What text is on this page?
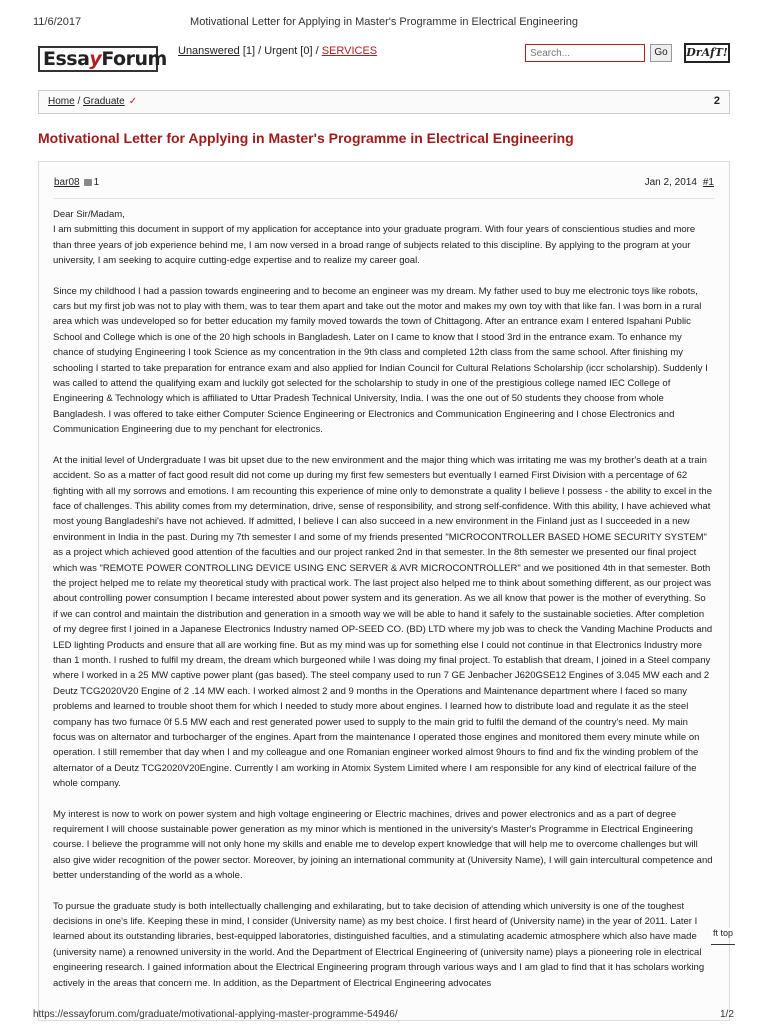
11/6/2017	Motivational Letter for Applying in Master's Programme in Electrical Engineering
EssayForum Unanswered [1] / Urgent [0] / SERVICES
Search...	Go	DrAfT!
Home / Graduate ✓	2
Motivational Letter for Applying in Master's Programme in Electrical Engineering
bar08 1	Jan 2, 2014 #1

Dear Sir/Madam,
I am submitting this document in support of my application for acceptance into your graduate program. With four years of conscientious studies and more than three years of job experience behind me, I am now versed in a broad range of subjects related to this discipline. By applying to the program at your university, I am seeking to acquire cutting-edge expertise and to realize my career goal.

Since my childhood I had a passion towards engineering and to become an engineer was my dream. My father used to buy me electronic toys like robots, cars but my first job was not to play with them, was to tear them apart and take out the motor and makes my own toy with that like fan. I was born in a rural area which was undeveloped so for better education my family moved towards the town of Chittagong. After an entrance exam I entered Ispahani Public School and College which is one of the 20 high schools in Bangladesh. Later on I came to know that I stood 3rd in the entrance exam. To enhance my chance of studying Engineering I took Science as my concentration in the 9th class and completed 12th class from the same school. After finishing my schooling I started to take preparation for entrance exam and also applied for Indian Council for Cultural Relations Scholarship (iccr scholarship). Suddenly I was called to attend the qualifying exam and luckily got selected for the scholarship to study in one of the prestigious college named IEC College of Engineering & Technology which is affiliated to Uttar Pradesh Technical University, India. I was the one out of 50 students they choose from whole Bangladesh. I was offered to take either Computer Science Engineering or Electronics and Communication Engineering and I chose Electronics and Communication Engineering due to my penchant for electronics.

At the initial level of Undergraduate I was bit upset due to the new environment and the major thing which was irritating me was my brother's death at a train accident. So as a matter of fact good result did not come up during my first few semesters but eventually I earned First Division with a percentage of 62 fighting with all my sorrows and emotions. I am recounting this experience of mine only to demonstrate a quality I believe I possess - the ability to excel in the face of challenges. This ability comes from my determination, drive, sense of responsibility, and strong self-confidence. With this ability, I have achieved what most young Bangladeshi's have not achieved. If admitted, I believe I can also succeed in a new environment in the Finland just as I succeeded in a new environment in India in the past. During my 7th semester I and some of my friends presented "MICROCONTROLLER BASED HOME SECURITY SYSTEM" as a project which achieved good attention of the faculties and our project ranked 2nd in that semester. In the 8th semester we presented our final project which was "REMOTE POWER CONTROLLING DEVICE USING ENC SERVER & AVR MICROCONTROLLER" and we positioned 4th in that semester. Both the project helped me to relate my theoretical study with practical work. The last project also helped me to think about something different, as our project was about controlling power consumption I became interested about power system and its generation. As we all know that power is the mother of everything. So if we can control and maintain the distribution and generation in a smooth way we will be able to hand it safely to the sustainable societies. After completion of my degree first I joined in a Japanese Electronics Industry named OP-SEED CO. (BD) LTD where my job was to check the Vanding Machine Products and LED lighting Products and ensure that all are working fine. But as my mind was up for something else I could not continue in that Electronics Industry more than 1 month. I rushed to fulfil my dream, the dream which burgeoned while I was doing my final project. To establish that dream, I joined in a Steel company where I worked in a 25 MW captive power plant (gas based). The steel company used to run 7 GE Jenbacher J620GSE12 Engines of 3.045 MW each and 2 Deutz TCG2020V20 Engine of 2 .14 MW each. I worked almost 2 and 9 months in the Operations and Maintenance department where I faced so many problems and learned to trouble shoot them for which I needed to study more about engines. I learned how to distribute load and regulate it as the steel company has two furnace 0f 5.5 MW each and rest generated power used to supply to the main grid to fulfil the demand of the country's need. My main focus was on alternator and turbocharger of the engines. Apart from the maintenance I operated those engines and monitored them every minute while on operation. I still remember that day when I and my colleague and one Romanian engineer worked almost 9hours to find and fix the winding problem of the alternator of a Deutz TCG2020V20Engine. Currently I am working in Atomix System Limited where I am responsible for any kind of electrical failure of the whole company.

My interest is now to work on power system and high voltage engineering or Electric machines, drives and power electronics and as a part of degree requirement I will choose sustainable power generation as my minor which is mentioned in the university's Master's Programme in Electrical Engineering course. I believe the programme will not only hone my skills and enable me to develop expert knowledge that will help me to overcome challenges but will also give wider recognition of the power sector. Moreover, by joining an international community at (University Name), I will gain intercultural competence and better understanding of the world as a whole.

To pursue the graduate study is both intellectually challenging and exhilarating, but to take decision of attending which university is one of the toughest decisions in one's life. Keeping these in mind, I consider (University name) as my best choice. I first heard of (University name) in the year of 2011. Later I learned about its outstanding libraries, best-equipped laboratories, distinguished faculties, and a stimulating academic atmosphere which also have made (university name) a renowned university in the world. And the Department of Electrical Engineering of (university name) plays a pioneering role in electrical engineering research. I gained information about the Electrical Engineering program through various ways and I am glad to find that it has scholars working actively in the areas that concern me. In addition, as the Department of Electrical Engineering advocates

ft top
https://essayforum.com/graduate/motivational-applying-master-programme-54946/	1/2
